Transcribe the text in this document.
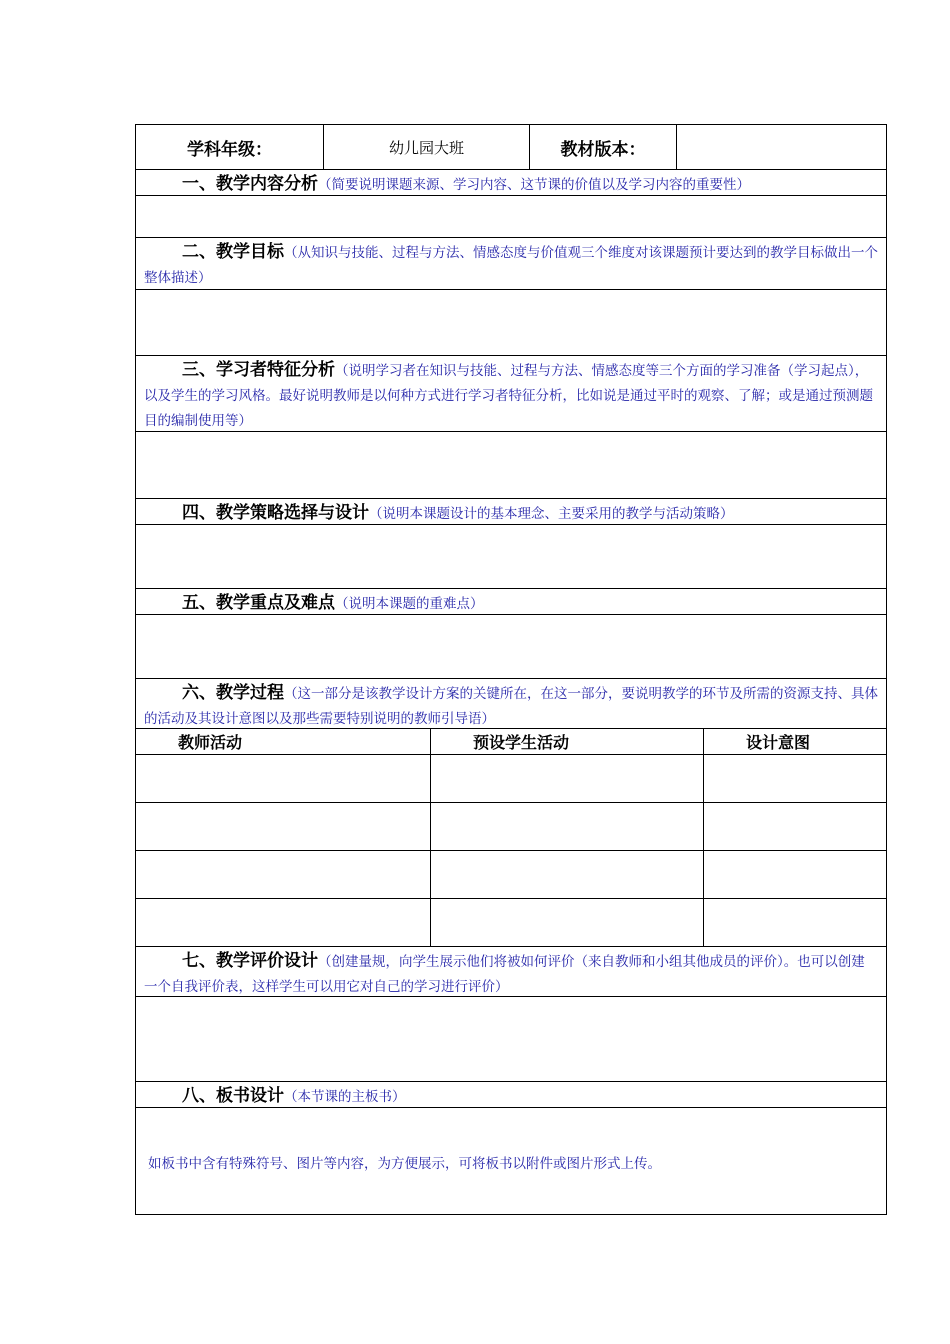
学科年级：	幼儿园大班	教材版本：
一、教学内容分析（简要说明课题来源、学习内容、这节课的价值以及学习内容的重要性）
二、教学目标（从知识与技能、过程与方法、情感态度与价值观三个维度对该课题预计要达到的教学目标做出一个整体描述）
三、学习者特征分析（说明学习者在知识与技能、过程与方法、情感态度等三个方面的学习准备（学习起点），以及学生的学习风格。最好说明教师是以何种方式进行学习者特征分析，比如说是通过平时的观察、了解；或是通过预测题目的编制使用等）
四、教学策略选择与设计（说明本课题设计的基本理念、主要采用的教学与活动策略）
五、教学重点及难点（说明本课题的重难点）
六、教学过程（这一部分是该教学设计方案的关键所在，在这一部分，要说明教学的环节及所需的资源支持、具体的活动及其设计意图以及那些需要特别说明的教师引导语）
教师活动	预设学生活动	设计意图
七、教学评价设计（创建量规，向学生展示他们将被如何评价（来自教师和小组其他成员的评价）。也可以创建一个自我评价表，这样学生可以用它对自己的学习进行评价）
八、板书设计（本节课的主板书）
如板书中含有特殊符号、图片等内容，为方便展示，可将板书以附件或图片形式上传。
